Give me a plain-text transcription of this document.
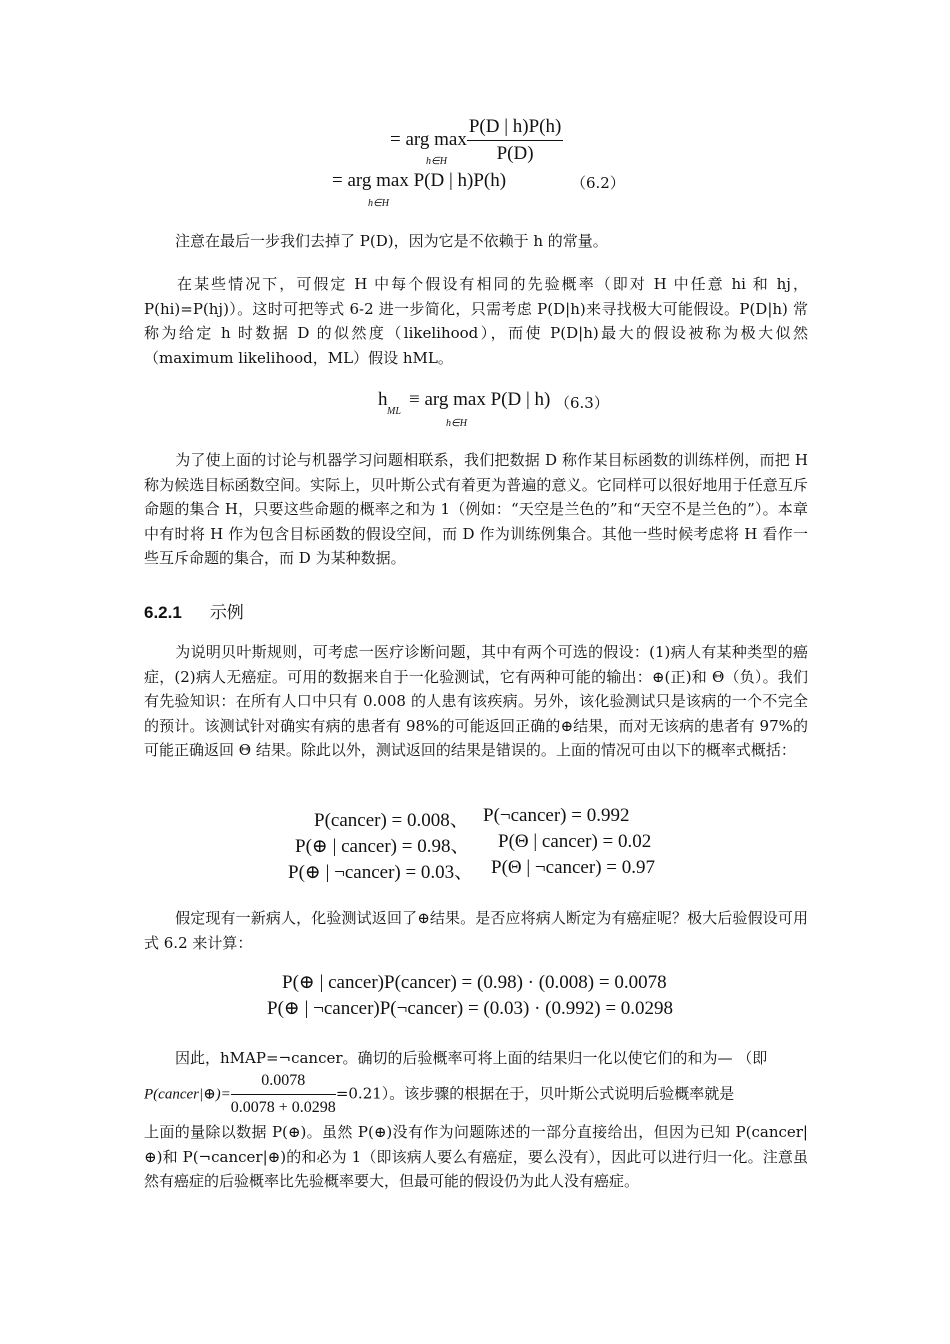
= arg $\max \frac{P(D | h)P(h)}{P(D)}$
h∈H
= arg max P(D | h)P(h)
h∈H
（6.2）
注意在最后一步我们去掉了 P(D)，因为它是不依赖于 h 的常量。
在某些情况下，可假定 H 中每个假设有相同的先验概率（即对 H 中任意 hi 和 hj，P(hi)=P(hj)）。这时可把等式 6-2 进一步简化，只需考虑 P(D|h)来寻找极大可能假设。P(D|h) 常称为给定 h 时数据 D 的似然度（likelihood），而使 P(D|h)最大的假设被称为极大似然（maximum likelihood，ML）假设 hML。
h
ML
≡ arg max P(D | h)
h∈H
（6.3）
为了使上面的讨论与机器学习问题相联系，我们把数据 D 称作某目标函数的训练样例，而把 H 称为候选目标函数空间。实际上，贝叶斯公式有着更为普遍的意义。它同样可以很好地用于任意互斥命题的集合 H，只要这些命题的概率之和为 1（例如：“天空是兰色的”和“天空不是兰色的”）。本章中有时将 H 作为包含目标函数的假设空间，而 D 作为训练例集合。其他一些时候考虑将 H 看作一些互斥命题的集合，而 D 为某种数据。
6.2.1 示例
为说明贝叶斯规则，可考虑一医疗诊断问题，其中有两个可选的假设：(1)病人有某种类型的癌症，(2)病人无癌症。可用的数据来自于一化验测试，它有两种可能的输出：⊕(正)和 Θ（负）。我们有先验知识：在所有人口中只有 0.008 的人患有该疾病。另外，该化验测试只是该病的一个不完全的预计。该测试针对确实有病的患者有 98%的可能返回正确的⊕结果，而对无该病的患者有 97%的可能正确返回 Θ 结果。除此以外，测试返回的结果是错误的。上面的情况可由以下的概率式概括：
P(cancer) = 0.008、 P(¬cancer) = 0.992
P(⊕ | cancer) = 0.98、 P(Θ | cancer) = 0.02
P(⊕ | ¬cancer) = 0.03、 P(Θ | ¬cancer) = 0.97
假定现有一新病人，化验测试返回了⊕结果。是否应将病人断定为有癌症呢？极大后验假设可用式 6.2 来计算：
P(⊕ | cancer)P(cancer) = (0.98) · (0.008) = 0.0078
P(⊕ | ¬cancer)P(¬cancer) = (0.03) · (0.992) = 0.0298
因此，hMAP=¬cancer。确切的后验概率可将上面的结果归一化以使它们的和为— （即
P(cancer|⊕)= $\frac{0.0078}{0.0078 + 0.0298} =0.21$）。该步骤的根据在于，贝叶斯公式说明后验概率就是
上面的量除以数据 P(⊕)。虽然 P(⊕)没有作为问题陈述的一部分直接给出，但因为已知 P(cancer|⊕)和 P(¬cancer|⊕)的和必为 1（即该病人要么有癌症，要么没有），因此可以进行归一化。注意虽然有癌症的后验概率比先验概率要大，但最可能的假设仍为此人没有癌症。
